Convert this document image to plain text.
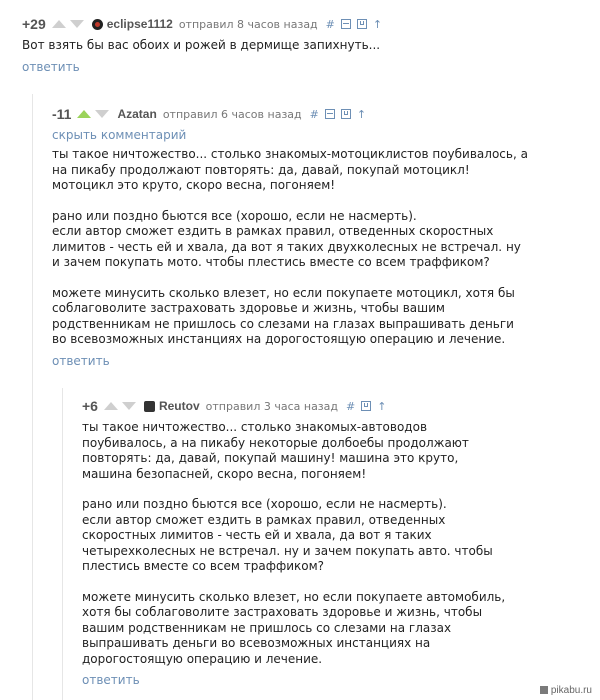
+29	eclipse1112 отправил 8 часов назад #	↑

Вот взять бы вас обоих и рожей в дермище запихнуть...

ответить
-11	Azatan отправил 6 часов назад #	↑
скрыть комментарий

ты такое ничтожество... столько знакомых-мотоциклистов поубивалось, а
на пикабу продолжают повторять: да, давай, покупай мотоцикл!
мотоцикл это круто, скоро весна, погоняем!

рано или поздно бьются все (хорошо, если не насмерть).
если автор сможет ездить в рамках правил, отведенных скоростных
лимитов - честь ей и хвала, да вот я таких двухколесных не встречал. ну
и зачем покупать мото. чтобы плестись вместе со всем траффиком?

можете минусить сколько влезет, но если покупаете мотоцикл, хотя бы
соблаговолите застраховать здоровье и жизнь, чтобы вашим
родственникам не пришлось со слезами на глазах выпрашивать деньги
во всевозможных инстанциях на дорогостоящую операцию и лечение.

ответить
+6	Reutov отправил 3 часа назад # ↑

ты такое ничтожество... столько знакомых-автоводов
поубивалось, а на пикабу некоторые долбоебы продолжают
повторять: да, давай, покупай машину! машина это круто,
машина безопасней, скоро весна, погоняем!

рано или поздно бьются все (хорошо, если не насмерть).
если автор сможет ездить в рамках правил, отведенных
скоростных лимитов - честь ей и хвала, да вот я таких
четырехколесных не встречал. ну и зачем покупать авто. чтобы
плестись вместе со всем траффиком?

можете минусить сколько влезет, но если покупаете автомобиль,
хотя бы соблаговолите застраховать здоровье и жизнь, чтобы
вашим родственникам не пришлось со слезами на глазах
выпрашивать деньги во всевозможных инстанциях на
дорогостоящую операцию и лечение.

ответить
pikabu.ru
